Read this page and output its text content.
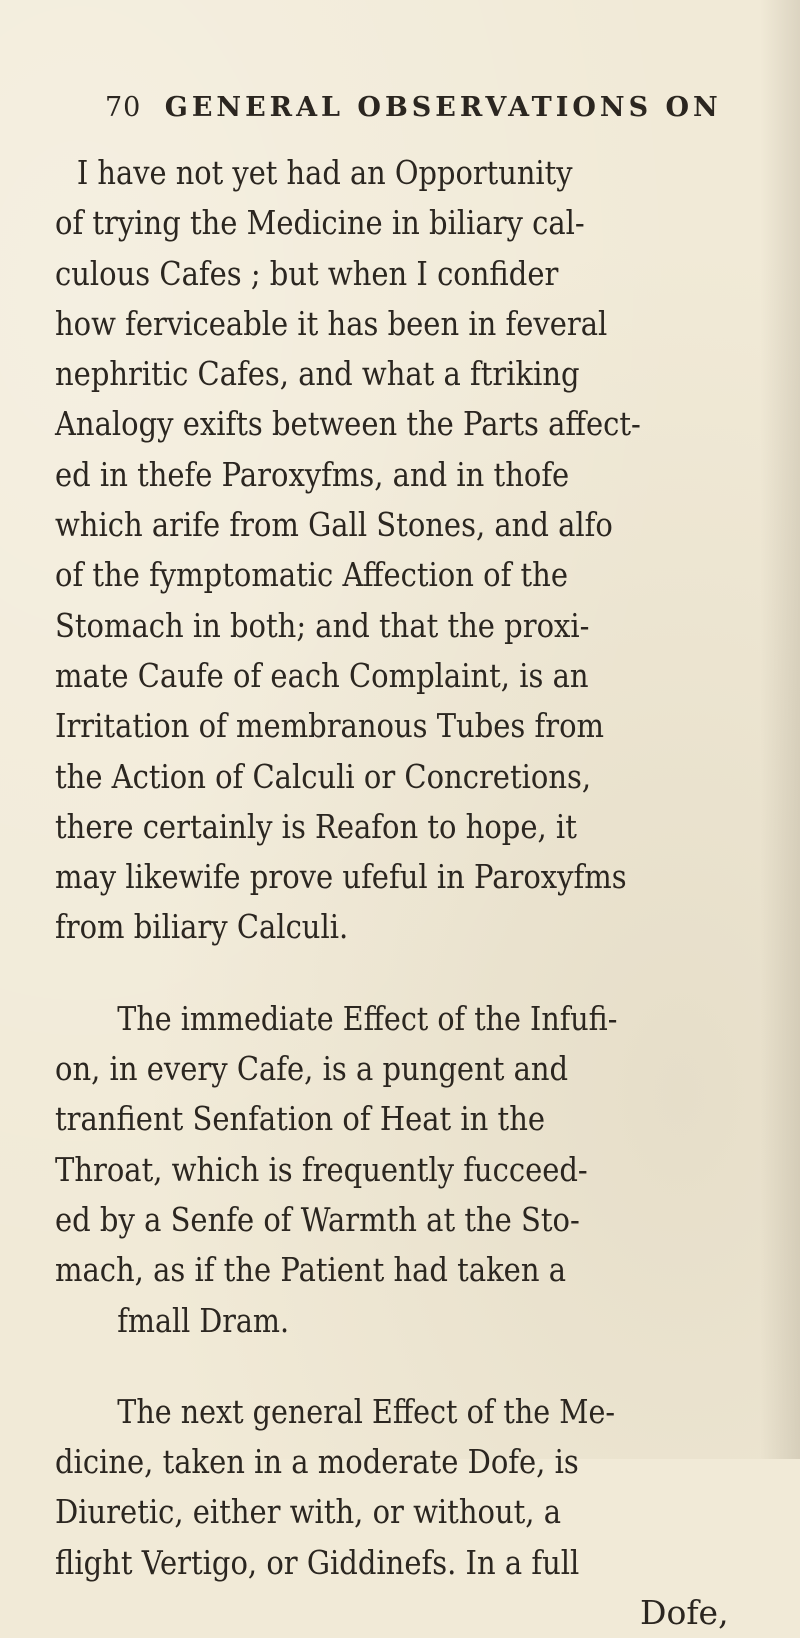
70 GENERAL OBSERVATIONS ON
I have not yet had an Opportunity
of trying the Medicine in biliary cal-
culous Cafes ; but when I confider
how ferviceable it has been in feveral
nephritic Cafes, and what a ftriking
Analogy exifts between the Parts affect-
ed in thefe Paroxyfms, and in thofe
which arife from Gall Stones, and alfo
of the fymptomatic Affection of the
Stomach in both; and that the proxi-
mate Caufe of each Complaint, is an
Irritation of membranous Tubes from
the Action of Calculi or Concretions,
there certainly is Reafon to hope, it
may likewife prove ufeful in Paroxyfms
from biliary Calculi.
The immediate Effect of the Infufi-
on, in every Cafe, is a pungent and
tranfient Senfation of Heat in the
Throat, which is frequently fucceed-
ed by a Senfe of Warmth at the Sto-
mach, as if the Patient had taken a
fmall Dram.
The next general Effect of the Me-
dicine, taken in a moderate Dofe, is
Diuretic, either with, or without, a
flight Vertigo, or Giddinefs. In a full
Dofe,
